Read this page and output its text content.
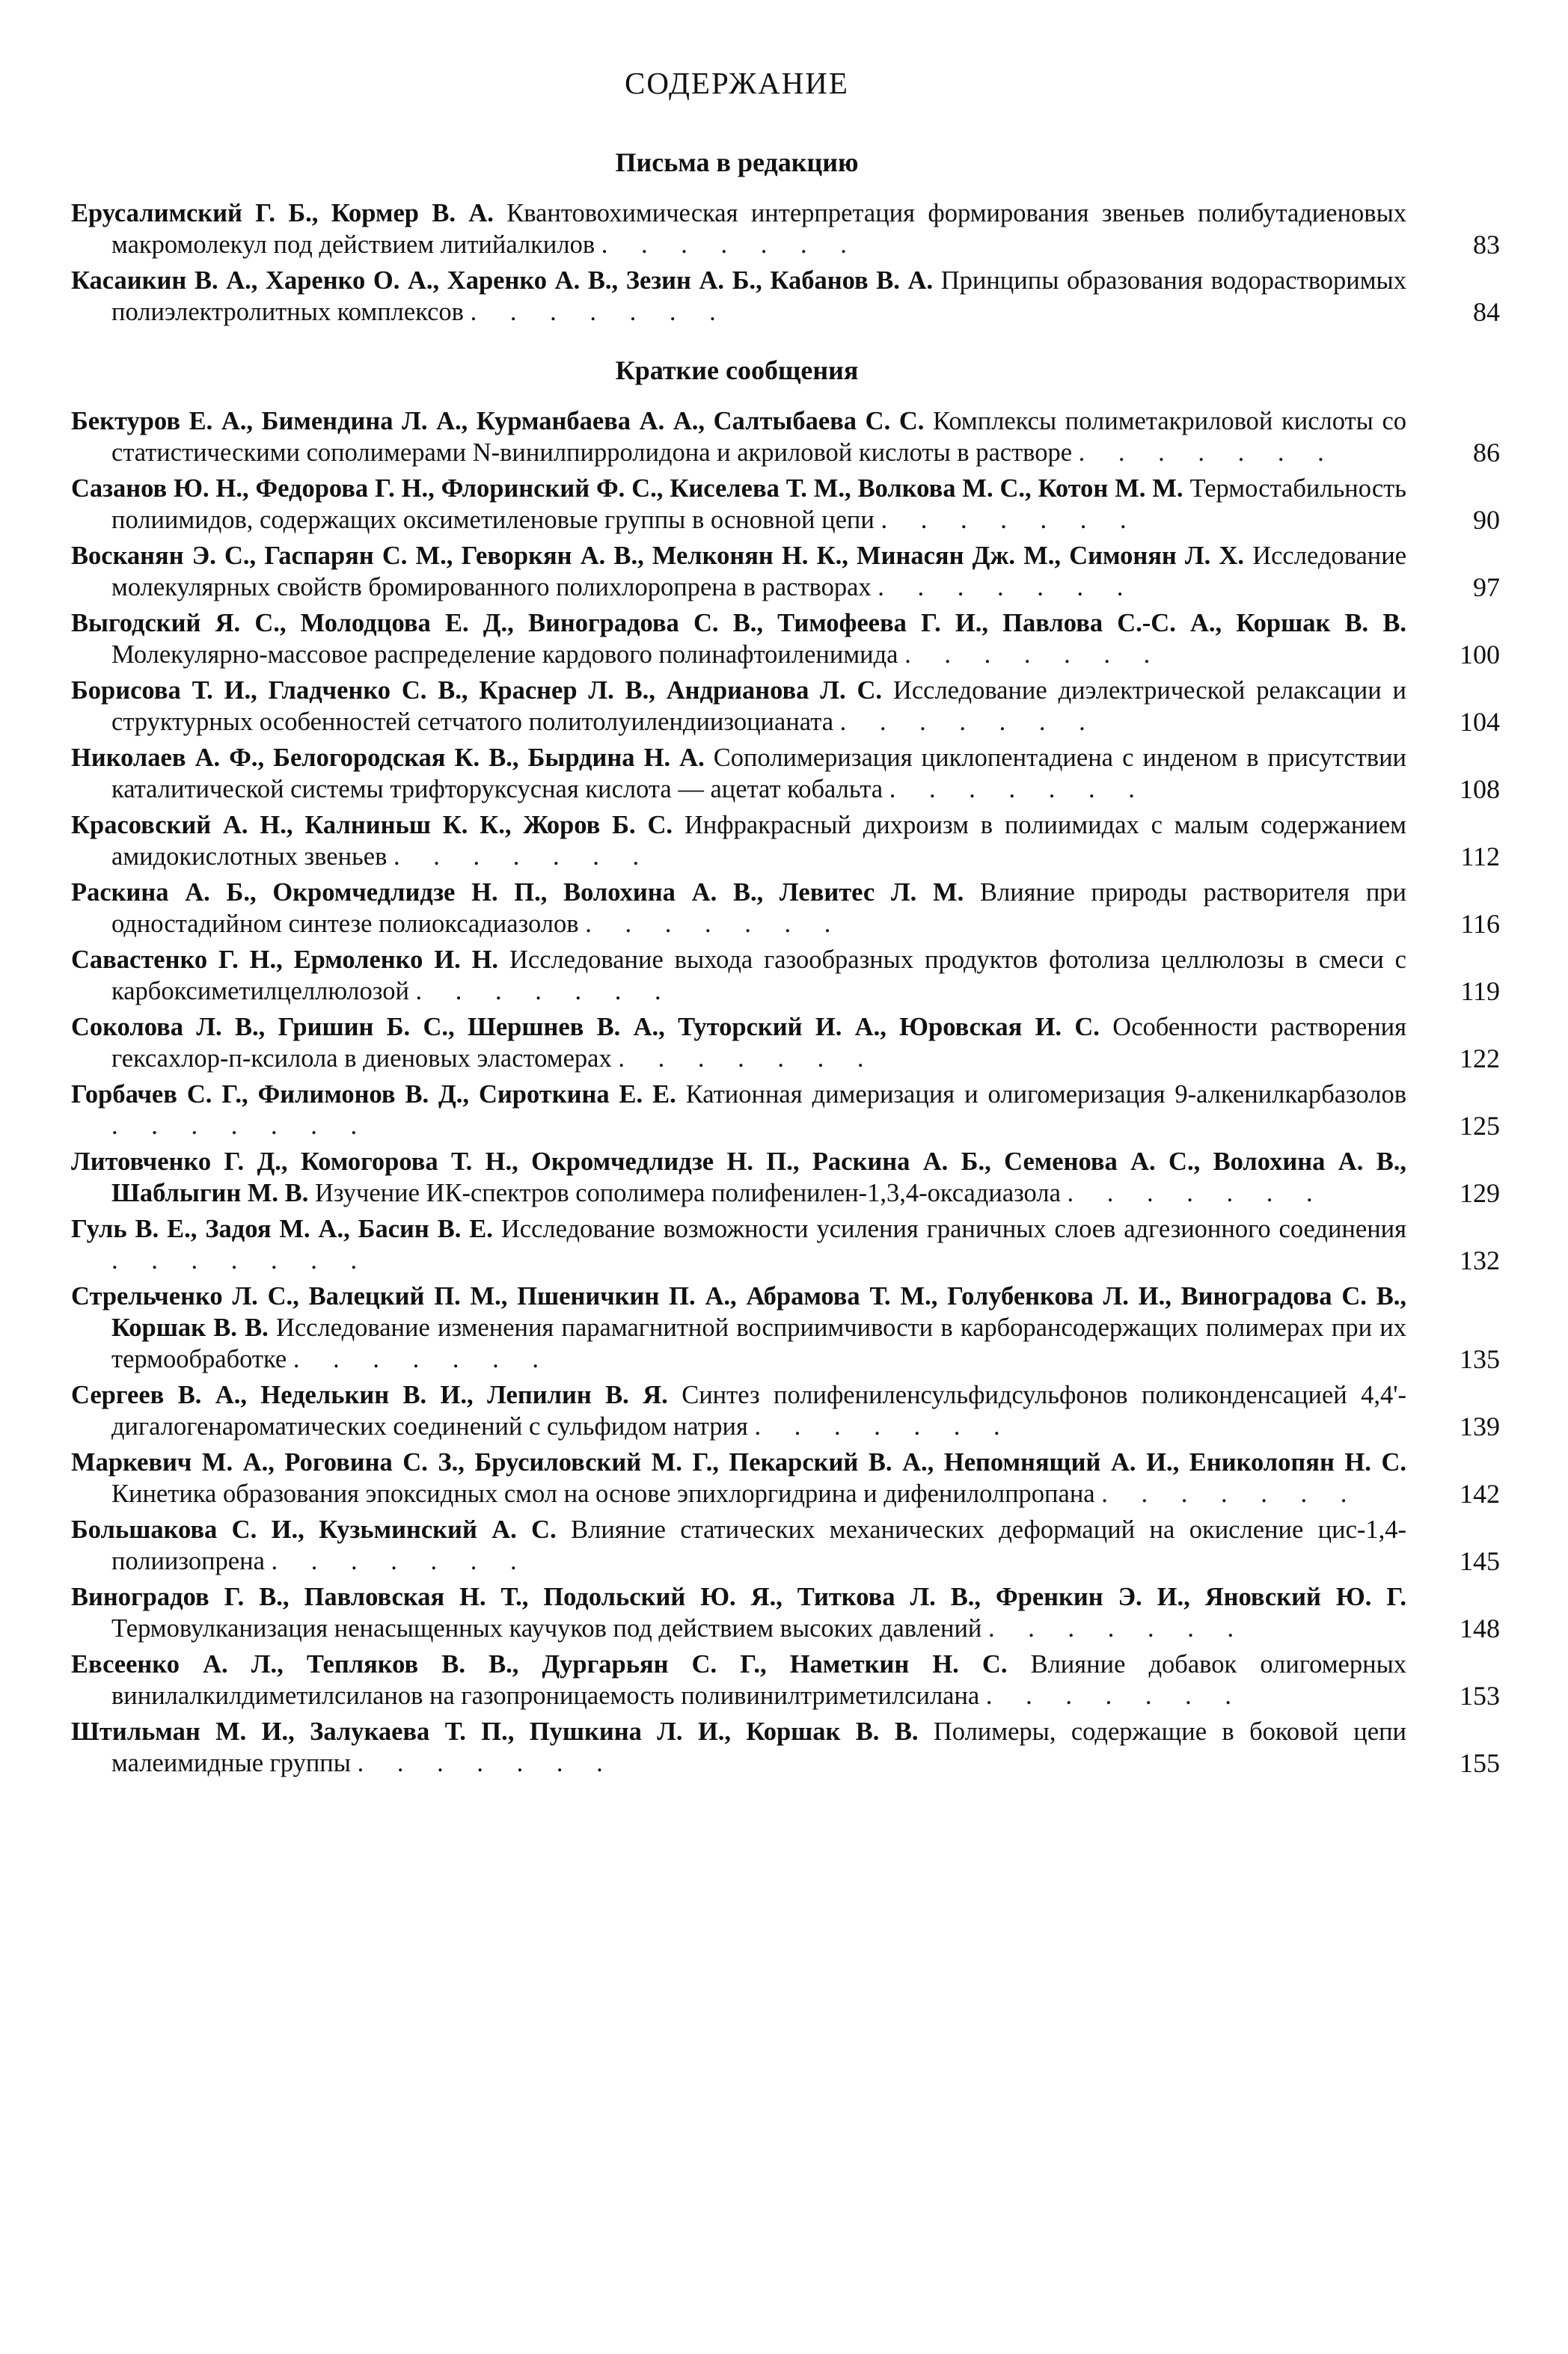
СОДЕРЖАНИЕ
Письма в редакцию
Ерусалимский Г. Б., Кормер В. А. Квантовохимическая интерпретация формирования звеньев полибутадиеновых макромолекул под действием литийалкилов . . . . . . .	83
Касаикин В. А., Харенко О. А., Харенко А. В., Зезин А. Б., Кабанов В. А. Принципы образования водорастворимых полиэлектролитных комплексов . . . . . . .	84
Краткие сообщения
Бектуров Е. А., Бимендина Л. А., Курманбаева А. А., Салтыбаева С. С. Комплексы полиметакриловой кислоты со статистическими сополимерами N-винилпирролидона и акриловой кислоты в растворе . . . . . . .	86
Сазанов Ю. Н., Федорова Г. Н., Флоринский Ф. С., Киселева Т. М., Волкова М. С., Котон М. М. Термостабильность полиимидов, содержащих оксиметиленовые группы в основной цепи . . . . . . .	90
Восканян Э. С., Гаспарян С. М., Геворкян А. В., Мелконян Н. К., Минасян Дж. М., Симонян Л. Х. Исследование молекулярных свойств бромированного полихлоропрена в растворах . . . . . . .	97
Выгодский Я. С., Молодцова Е. Д., Виноградова С. В., Тимофеева Г. И., Павлова С.-С. А., Коршак В. В. Молекулярно-массовое распределение кардового полинафтоиленимида . . . . . . .	100
Борисова Т. И., Гладченко С. В., Краснер Л. В., Андрианова Л. С. Исследование диэлектрической релаксации и структурных особенностей сетчатого политолуилендиизоцианата . . . . . . .	104
Николаев А. Ф., Белогородская К. В., Бырдина Н. А. Сополимеризация циклопентадиена с инденом в присутствии каталитической системы трифторуксусная кислота — ацетат кобальта . . . . . . .	108
Красовский А. Н., Калниньш К. К., Жоров Б. С. Инфракрасный дихроизм в полиимидах с малым содержанием амидокислотных звеньев . . . . . . .	112
Раскина А. Б., Окромчедлидзе Н. П., Волохина А. В., Левитес Л. М. Влияние природы растворителя при одностадийном синтезе полиоксадиазолов . . . . . . .	116
Савастенко Г. Н., Ермоленко И. Н. Исследование выхода газообразных продуктов фотолиза целлюлозы в смеси с карбоксиметилцеллюлозой . . . . . . .	119
Соколова Л. В., Гришин Б. С., Шершнев В. А., Туторский И. А., Юровская И. С. Особенности растворения гексахлор-п-ксилола в диеновых эластомерах . . . . . . .	122
Горбачев С. Г., Филимонов В. Д., Сироткина Е. Е. Катионная димеризация и олигомеризация 9-алкенилкарбазолов . . . . . . .	125
Литовченко Г. Д., Комогорова Т. Н., Окромчедлидзе Н. П., Раскина А. Б., Семенова А. С., Волохина А. В., Шаблыгин М. В. Изучение ИК-спектров сополимера полифенилен-1,3,4-оксадиазола . . . . . . .	129
Гуль В. Е., Задоя М. А., Басин В. Е. Исследование возможности усиления граничных слоев адгезионного соединения . . . . . . .	132
Стрельченко Л. С., Валецкий П. М., Пшеничкин П. А., Абрамова Т. М., Голубенкова Л. И., Виноградова С. В., Коршак В. В. Исследование изменения парамагнитной восприимчивости в карборансодержащих полимерах при их термообработке . . . . . . .	135
Сергеев В. А., Неделькин В. И., Лепилин В. Я. Синтез полифениленсульфидсульфонов поликонденсацией 4,4'-дигалогенароматических соединений с сульфидом натрия . . . . . . .	139
Маркевич М. А., Роговина С. З., Брусиловский М. Г., Пекарский В. А., Непомнящий А. И., Ениколопян Н. С. Кинетика образования эпоксидных смол на основе эпихлоргидрина и дифенилолпропана . . . . . . .	142
Большакова С. И., Кузьминский А. С. Влияние статических механических деформаций на окисление цис-1,4-полиизопрена . . . . . . .	145
Виноградов Г. В., Павловская Н. Т., Подольский Ю. Я., Титкова Л. В., Френкин Э. И., Яновский Ю. Г. Термовулканизация ненасыщенных каучуков под действием высоких давлений . . . . . . .	148
Евсеенко А. Л., Тепляков В. В., Дургарьян С. Г., Наметкин Н. С. Влияние добавок олигомерных винилалкилдиметилсиланов на газопроницаемость поливинилтриметилсилана . . . . . . .	153
Штильман М. И., Залукаева Т. П., Пушкина Л. И., Коршак В. В. Полимеры, содержащие в боковой цепи малеимидные группы . . . . . . .	155
